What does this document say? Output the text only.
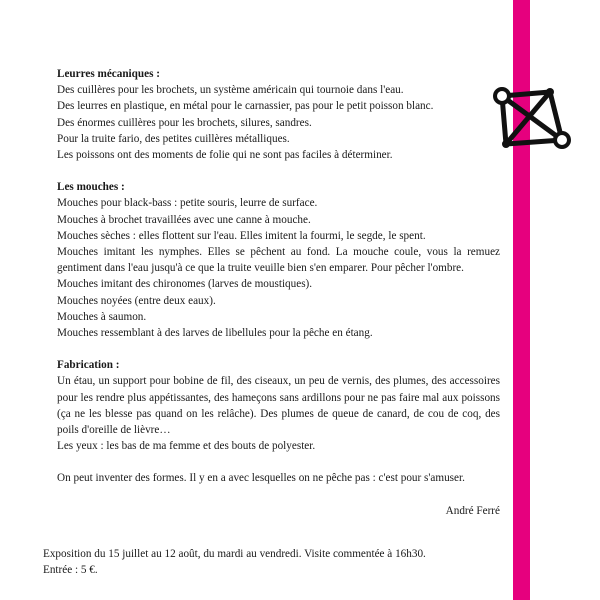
Leurres mécaniques :

Des cuillères pour les brochets, un système américain qui tournoie dans l'eau.

Des leurres en plastique, en métal pour le carnassier, pas pour le petit poisson blanc.

Des énormes cuillères pour les brochets, silures, sandres.

Pour la truite fario, des petites cuillères métalliques.

Les poissons ont des moments de folie qui ne sont pas faciles à déterminer.

Les mouches :

Mouches pour black-bass : petite souris, leurre de surface.

Mouches à brochet travaillées avec une canne à mouche.

Mouches sèches : elles flottent sur l'eau. Elles imitent la fourmi, le segde, le spent.

Mouches imitant les nymphes. Elles se pêchent au fond. La mouche coule, vous la remuez gentiment dans l'eau jusqu'à ce que la truite veuille bien s'en emparer. Pour pêcher l'ombre.

Mouches imitant des chironomes (larves de moustiques).

Mouches noyées (entre deux eaux).

Mouches à saumon.

Mouches ressemblant à des larves de libellules pour la pêche en étang.

Fabrication :

Un étau, un support pour bobine de fil, des ciseaux, un peu de vernis, des plumes, des accessoires pour les rendre plus appétissantes, des hameçons sans ardillons pour ne pas faire mal aux poissons (ça ne les blesse pas quand on les relâche). Des plumes de queue de canard, de cou de coq, des poils d'oreille de lièvre…

Les yeux : les bas de ma femme et des bouts de polyester.

On peut inventer des formes. Il y en a avec lesquelles on ne pêche pas : c'est pour s'amuser.

André Ferré

Exposition du 15 juillet au 12 août, du mardi au vendredi. Visite commentée à 16h30.

Entrée : 5 €.
